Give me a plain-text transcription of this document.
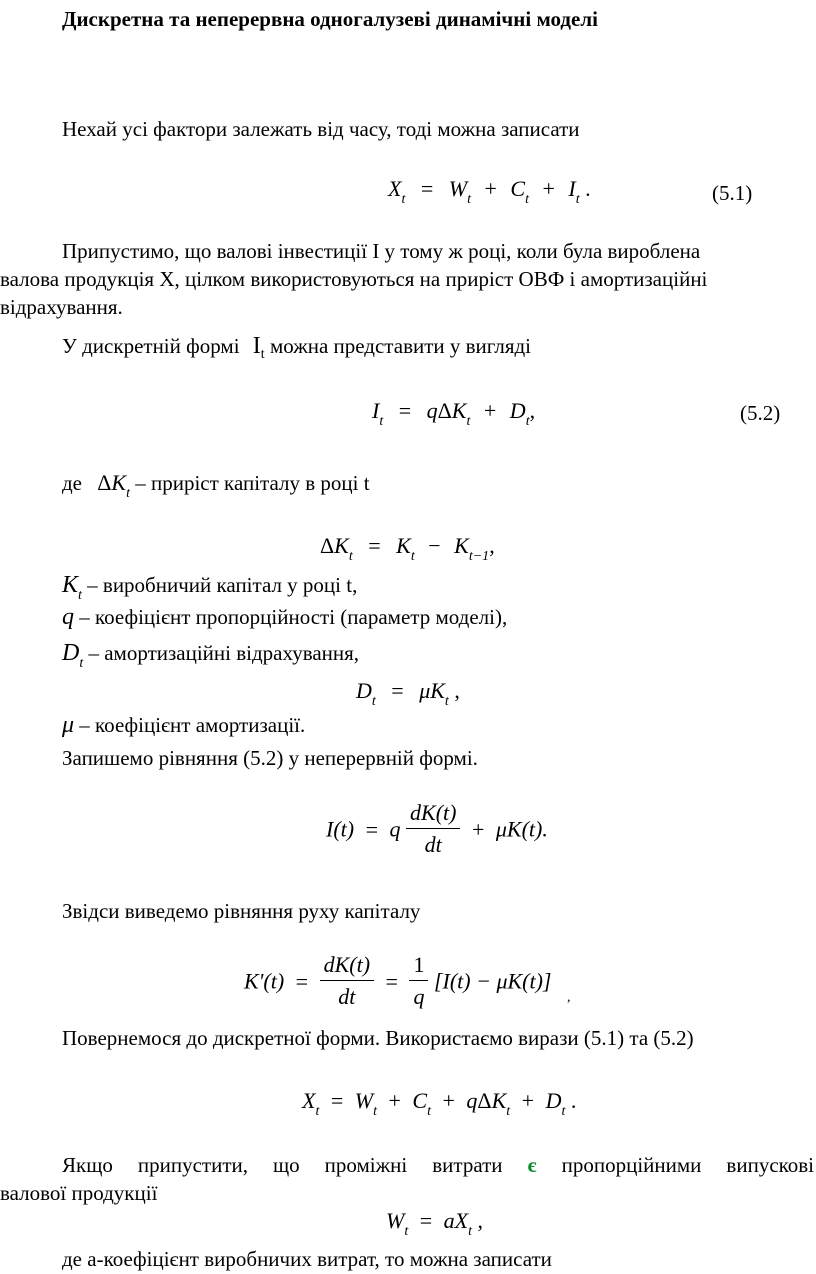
Дискретна та неперервна одногалузеві динамічні моделі
Нехай усі фактори залежать від часу, тоді можна записати
$X_t = W_t + C_t + I_t$ .	(5.1)
Припустимо, що валові інвестиції I у тому ж році, коли була вироблена
валова продукція X, цілком використовуються на приріст ОВФ і амортизаційні
відрахування.
У дискретній формі $I_t$ можна представити у вигляді
$I_t = q\Delta K_t + D_t$,	(5.2)
де $\Delta K_t$ – приріст капіталу в році t
$\Delta K_t = K_t - K_{t-1}$,
$K_t$ – виробничий капітал у році t,
q – коефіцієнт пропорційності (параметр моделі),
$D_t$ – амортизаційні відрахування,
$D_t = \mu K_t$ ,
μ – коефіцієнт амортизації.
Запишемо рівняння (5.2) у неперервній формі.
I(t) = q $\frac{dK(t)}{dt} + \mu K(t)$.
Звідси виведемо рівняння руху капіталу
$K'(t) = \frac{dK(t)}{dt} = \frac{1}{q} [I(t) - \mu K(t)]$ $_,$
Повернемося до дискретної форми. Використаємо вирази (5.1) та (5.2)
$X_t = W_t + C_t + q\Delta K_t + D_t$ .
Якщо припустити, що проміжні витрати є пропорційними випускові
валової продукції
$W_t = aX_t$ ,
де a-коефіцієнт виробничих витрат, то можна записати
